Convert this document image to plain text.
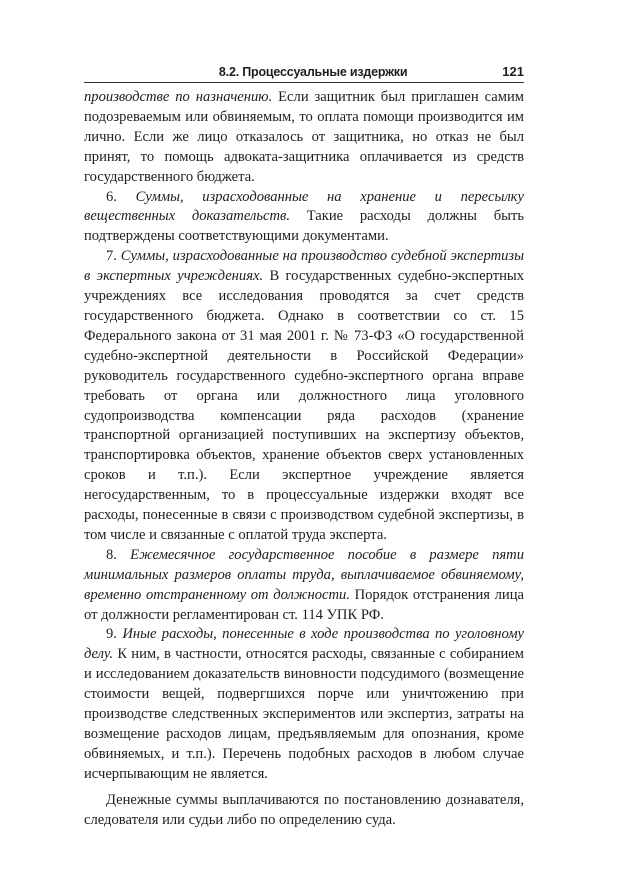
8.2. Процессуальные издержки	121

производстве по назначению. Если защитник был приглашен самим подозреваемым или обвиняемым, то оплата помощи производится им лично. Если же лицо отказалось от защитника, но отказ не был принят, то помощь адвоката-защитника оплачивается из средств государственного бюджета.

6. Суммы, израсходованные на хранение и пересылку вещественных доказательств. Такие расходы должны быть подтверждены соответствующими документами.

7. Суммы, израсходованные на производство судебной экспертизы в экспертных учреждениях. В государственных судебно-экспертных учреждениях все исследования проводятся за счет средств государственного бюджета. Однако в соответствии со ст. 15 Федерального закона от 31 мая 2001 г. № 73-ФЗ «О государственной судебно-экспертной деятельности в Российской Федерации» руководитель государственного судебно-экспертного органа вправе требовать от органа или должностного лица уголовного судопроизводства компенсации ряда расходов (хранение транспортной организацией поступивших на экспертизу объектов, транспортировка объектов, хранение объектов сверх установленных сроков и т.п.). Если экспертное учреждение является негосударственным, то в процессуальные издержки входят все расходы, понесенные в связи с производством судебной экспертизы, в том числе и связанные с оплатой труда эксперта.

8. Ежемесячное государственное пособие в размере пяти минимальных размеров оплаты труда, выплачиваемое обвиняемому, временно отстраненному от должности. Порядок отстранения лица от должности регламентирован ст. 114 УПК РФ.

9. Иные расходы, понесенные в ходе производства по уголовному делу. К ним, в частности, относятся расходы, связанные с собиранием и исследованием доказательств виновности подсудимого (возмещение стоимости вещей, подвергшихся порче или уничтожению при производстве следственных экспериментов или экспертиз, затраты на возмещение расходов лицам, предъявляемым для опознания, кроме обвиняемых, и т.п.). Перечень подобных расходов в любом случае исчерпывающим не является.

Денежные суммы выплачиваются по постановлению дознавателя, следователя или судьи либо по определению суда.
